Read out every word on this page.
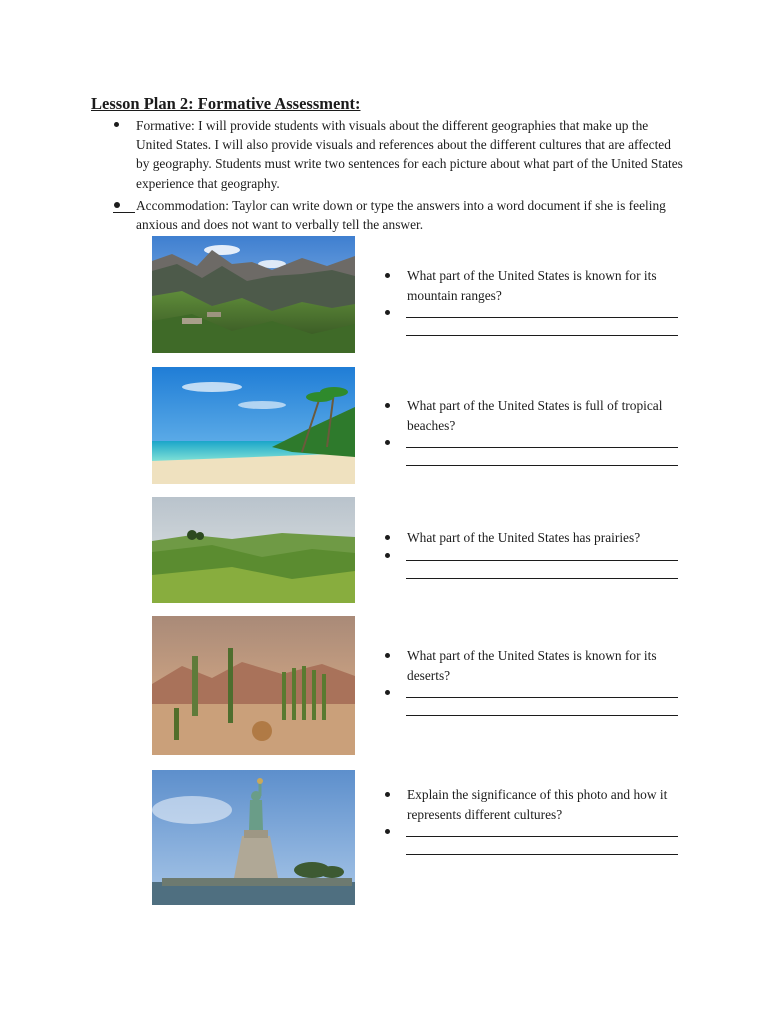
Lesson Plan 2: Formative Assessment:
Formative: I will provide students with visuals about the different geographies that make up the United States. I will also provide visuals and references about the different cultures that are affected by geography. Students must write two sentences for each picture about what part of the United States experience that geography.
Accommodation: Taylor can write down or type the answers into a word document if she is feeling anxious and does not want to verbally tell the answer.
What part of the United States is known for its mountain ranges?
What part of the United States is full of tropical beaches?
What part of the United States has prairies?
What part of the United States is known for its deserts?
Explain the significance of this photo and how it represents different cultures?
